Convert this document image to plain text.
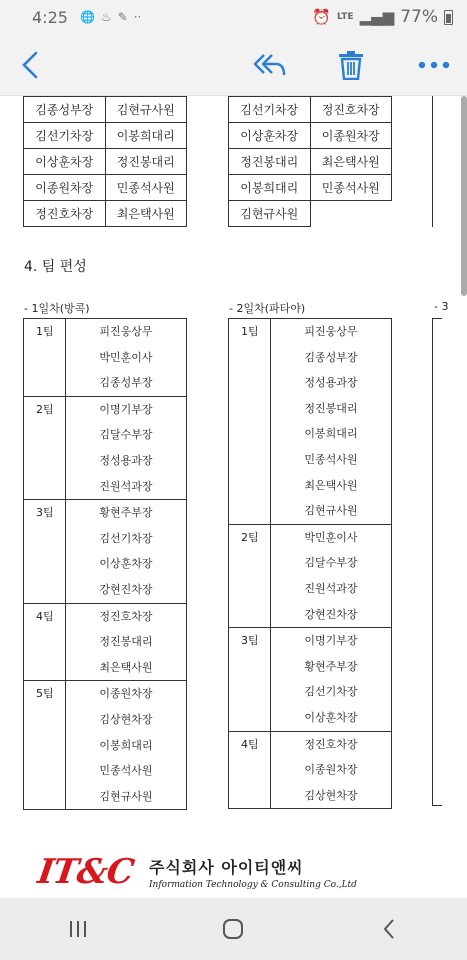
4:25 🌐 ♨ ✎ ··	⏰ LTE ▂▄▆ 77%

김종성부장	김현규사원
김선기차장	이봉희대리
이상훈차장	정진봉대리
이종원차장	민종석사원
정진호차장	최은택사원

김선기차장	정진호차장
이상훈차장	이종원차장
정진봉대리	최은택사원
이봉희대리	민종석사원
김현규사원	
4. 팀 편성
- 1일차(방콕)	- 2일차(파타야)	- 3
1팀	피진웅상무
박민훈이사
김종성부장
2팀	이명기부장
김달수부장
정성용과장
진원석과장
3팀	황현주부장
김선기차장
이상훈차장
강현진차장
4팀	정진호차장
정진봉대리
최은택사원
5팀	이종원차장
김상현차장
이봉희대리
민종석사원
김현규사원
1팀	피진웅상무
김종성부장
정성용과장
정진봉대리
이봉희대리
민종석사원
최은택사원
김현규사원
2팀	박민훈이사
김달수부장
진원석과장
강현진차장
3팀	이명기부장
황현주부장
김선기차장
이상훈차장
4팀	정진호차장
이종원차장
김상현차장
IT&C 주식회사 아이티앤씨
Information Technology & Consulting Co.,Ltd
